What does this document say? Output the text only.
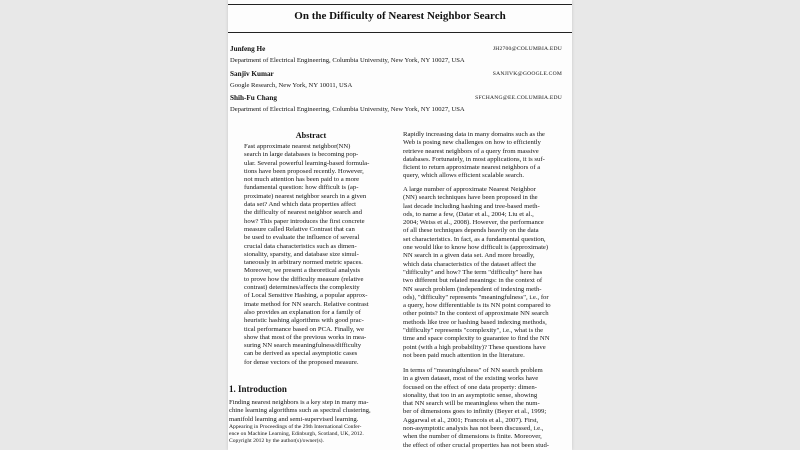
On the Difficulty of Nearest Neighbor Search
Junfeng He	JH2700@COLUMBIA.EDU
Department of Electrical Engineering, Columbia University, New York, NY 10027, USA
Sanjiv Kumar	SANJIVK@GOOGLE.COM
Google Research, New York, NY 10011, USA
Shih-Fu Chang	SFCHANG@EE.COLUMBIA.EDU
Department of Electrical Engineering, Columbia University, New York, NY 10027, USA
Abstract
Fast approximate nearest neighbor(NN)
search in large databases is becoming pop-
ular. Several powerful learning-based formula-
tions have been proposed recently. However,
not much attention has been paid to a more
fundamental question: how difficult is (ap-
proximate) nearest neighbor search in a given
data set? And which data properties affect
the difficulty of nearest neighbor search and
how? This paper introduces the first concrete
measure called Relative Contrast that can
be used to evaluate the influence of several
crucial data characteristics such as dimen-
sionality, sparsity, and database size simul-
taneously in arbitrary normed metric spaces.
Moreover, we present a theoretical analysis
to prove how the difficulty measure (relative
contrast) determines/affects the complexity
of Local Sensitive Hashing, a popular approx-
imate method for NN search. Relative contrast
also provides an explanation for a family of
heuristic hashing algorithms with good prac-
tical performance based on PCA. Finally, we
show that most of the previous works in mea-
suring NN search meaningfulness/difficulty
can be derived as special asymptotic cases
for dense vectors of the proposed measure.
1. Introduction
Finding nearest neighbors is a key step in many ma-
chine learning algorithms such as spectral clustering,
manifold learning and semi-supervised learning.
Appearing in Proceedings of the 29th International Confer-
ence on Machine Learning, Edinburgh, Scotland, UK, 2012.
Copyright 2012 by the author(s)/owner(s).
Rapidly increasing data in many domains such as the
Web is posing new challenges on how to efficiently
retrieve nearest neighbors of a query from massive
databases. Fortunately, in most applications, it is suf-
ficient to return approximate nearest neighbors of a
query, which allows efficient scalable search.
A large number of approximate Nearest Neighbor
(NN) search techniques have been proposed in the
last decade including hashing and tree-based meth-
ods, to name a few, (Datar et al., 2004; Liu et al.,
2004; Weiss et al., 2008). However, the performance
of all these techniques depends heavily on the data
set characteristics. In fact, as a fundamental question,
one would like to know how difficult is (approximate)
NN search in a given data set. And more broadly,
which data characteristics of the dataset affect the
"difficulty" and how? The term "difficulty" here has
two different but related meanings: in the context of
NN search problem (independent of indexing meth-
ods), "difficulty" represents "meaningfulness", i.e., for
a query, how differentiable is its NN point compared to
other points? In the context of approximate NN search
methods like tree or hashing based indexing methods,
"difficulty" represents "complexity", i.e., what is the
time and space complexity to guarantee to find the NN
point (with a high probability)? These questions have
not been paid much attention in the literature.
In terms of "meaningfulness" of NN search problem
in a given dataset, most of the existing works have
focused on the effect of one data property: dimen-
sionality, that too in an asymptotic sense, showing
that NN search will be meaningless when the num-
ber of dimensions goes to infinity (Beyer et al., 1999;
Aggarwal et al., 2001; Francois et al., 2007). First,
non-asymptotic analysis has not been discussed, i.e.,
when the number of dimensions is finite. Moreover,
the effect of other crucial properties has not been stud-
